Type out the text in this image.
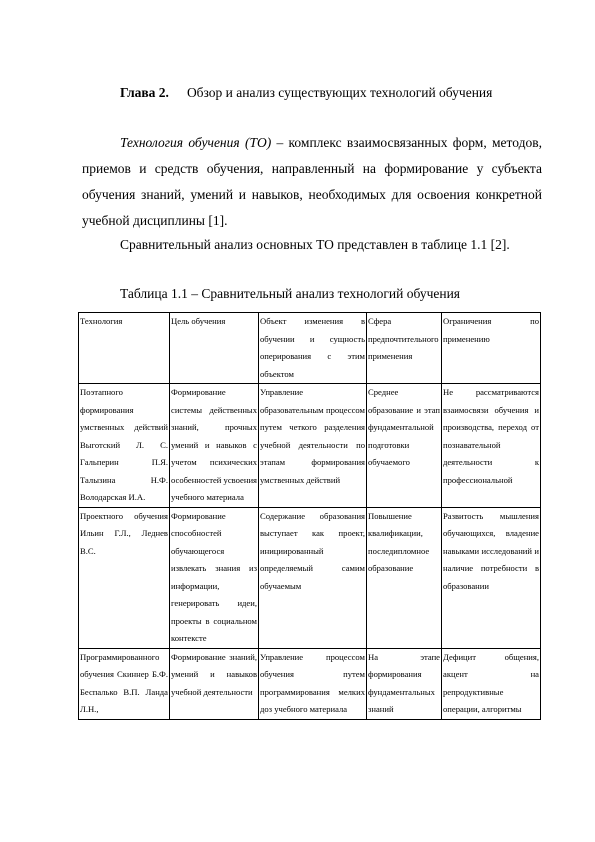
Глава 2. Обзор и анализ существующих технологий обучения
Технология обучения (ТО) – комплекс взаимосвязанных форм, методов, приемов и средств обучения, направленный на формирование у субъекта обучения знаний, умений и навыков, необходимых для освоения конкретной учебной дисциплины [1].
Сравнительный анализ основных ТО представлен в таблице 1.1 [2].
Таблица 1.1 – Сравнительный анализ технологий обучения
Технология	Цель обучения	Объект изменения в обучении и сущность оперирования с этим объектом	Сфера предпочтительного применения	Ограничения по применению
Поэтапного формирования умственных действий Выготский Л. С. Гальперин П.Я. Талызина Н.Ф. Володарская И.А.	Формирование системы действенных знаний, прочных умений и навыков с учетом психических особенностей усвоения учебного материала	Управление образовательным процессом путем четкого разделения учебной деятельности по этапам формирования умственных действий	Среднее образование и этап фундаментальной подготовки обучаемого	Не рассматриваются взаимосвязи обучения и производства, переход от познавательной деятельности к профессиональной
Проектного обучения Ильин Г.Л., Леднев В.С.	Формирование способностей обучающегося извлекать знания из информации, генерировать идеи, проекты в социальном контексте	Содержание образования выступает как проект, инициированный определяемый самим обучаемым	Повышение квалификации, последипломное образование	Развитость мышления обучающихся, владение навыками исследований и наличие потребности в образовании
Программированного обучения Скиннер Б.Ф. Беспалько В.П. Ланда Л.Н.,	Формирование знаний, умений и навыков учебной деятельности	Управление процессом обучения путем программирования мелких доз учебного материала	На этапе формирования фундаментальных знаний	Дефицит общения, акцент на репродуктивные операции, алгоритмы
